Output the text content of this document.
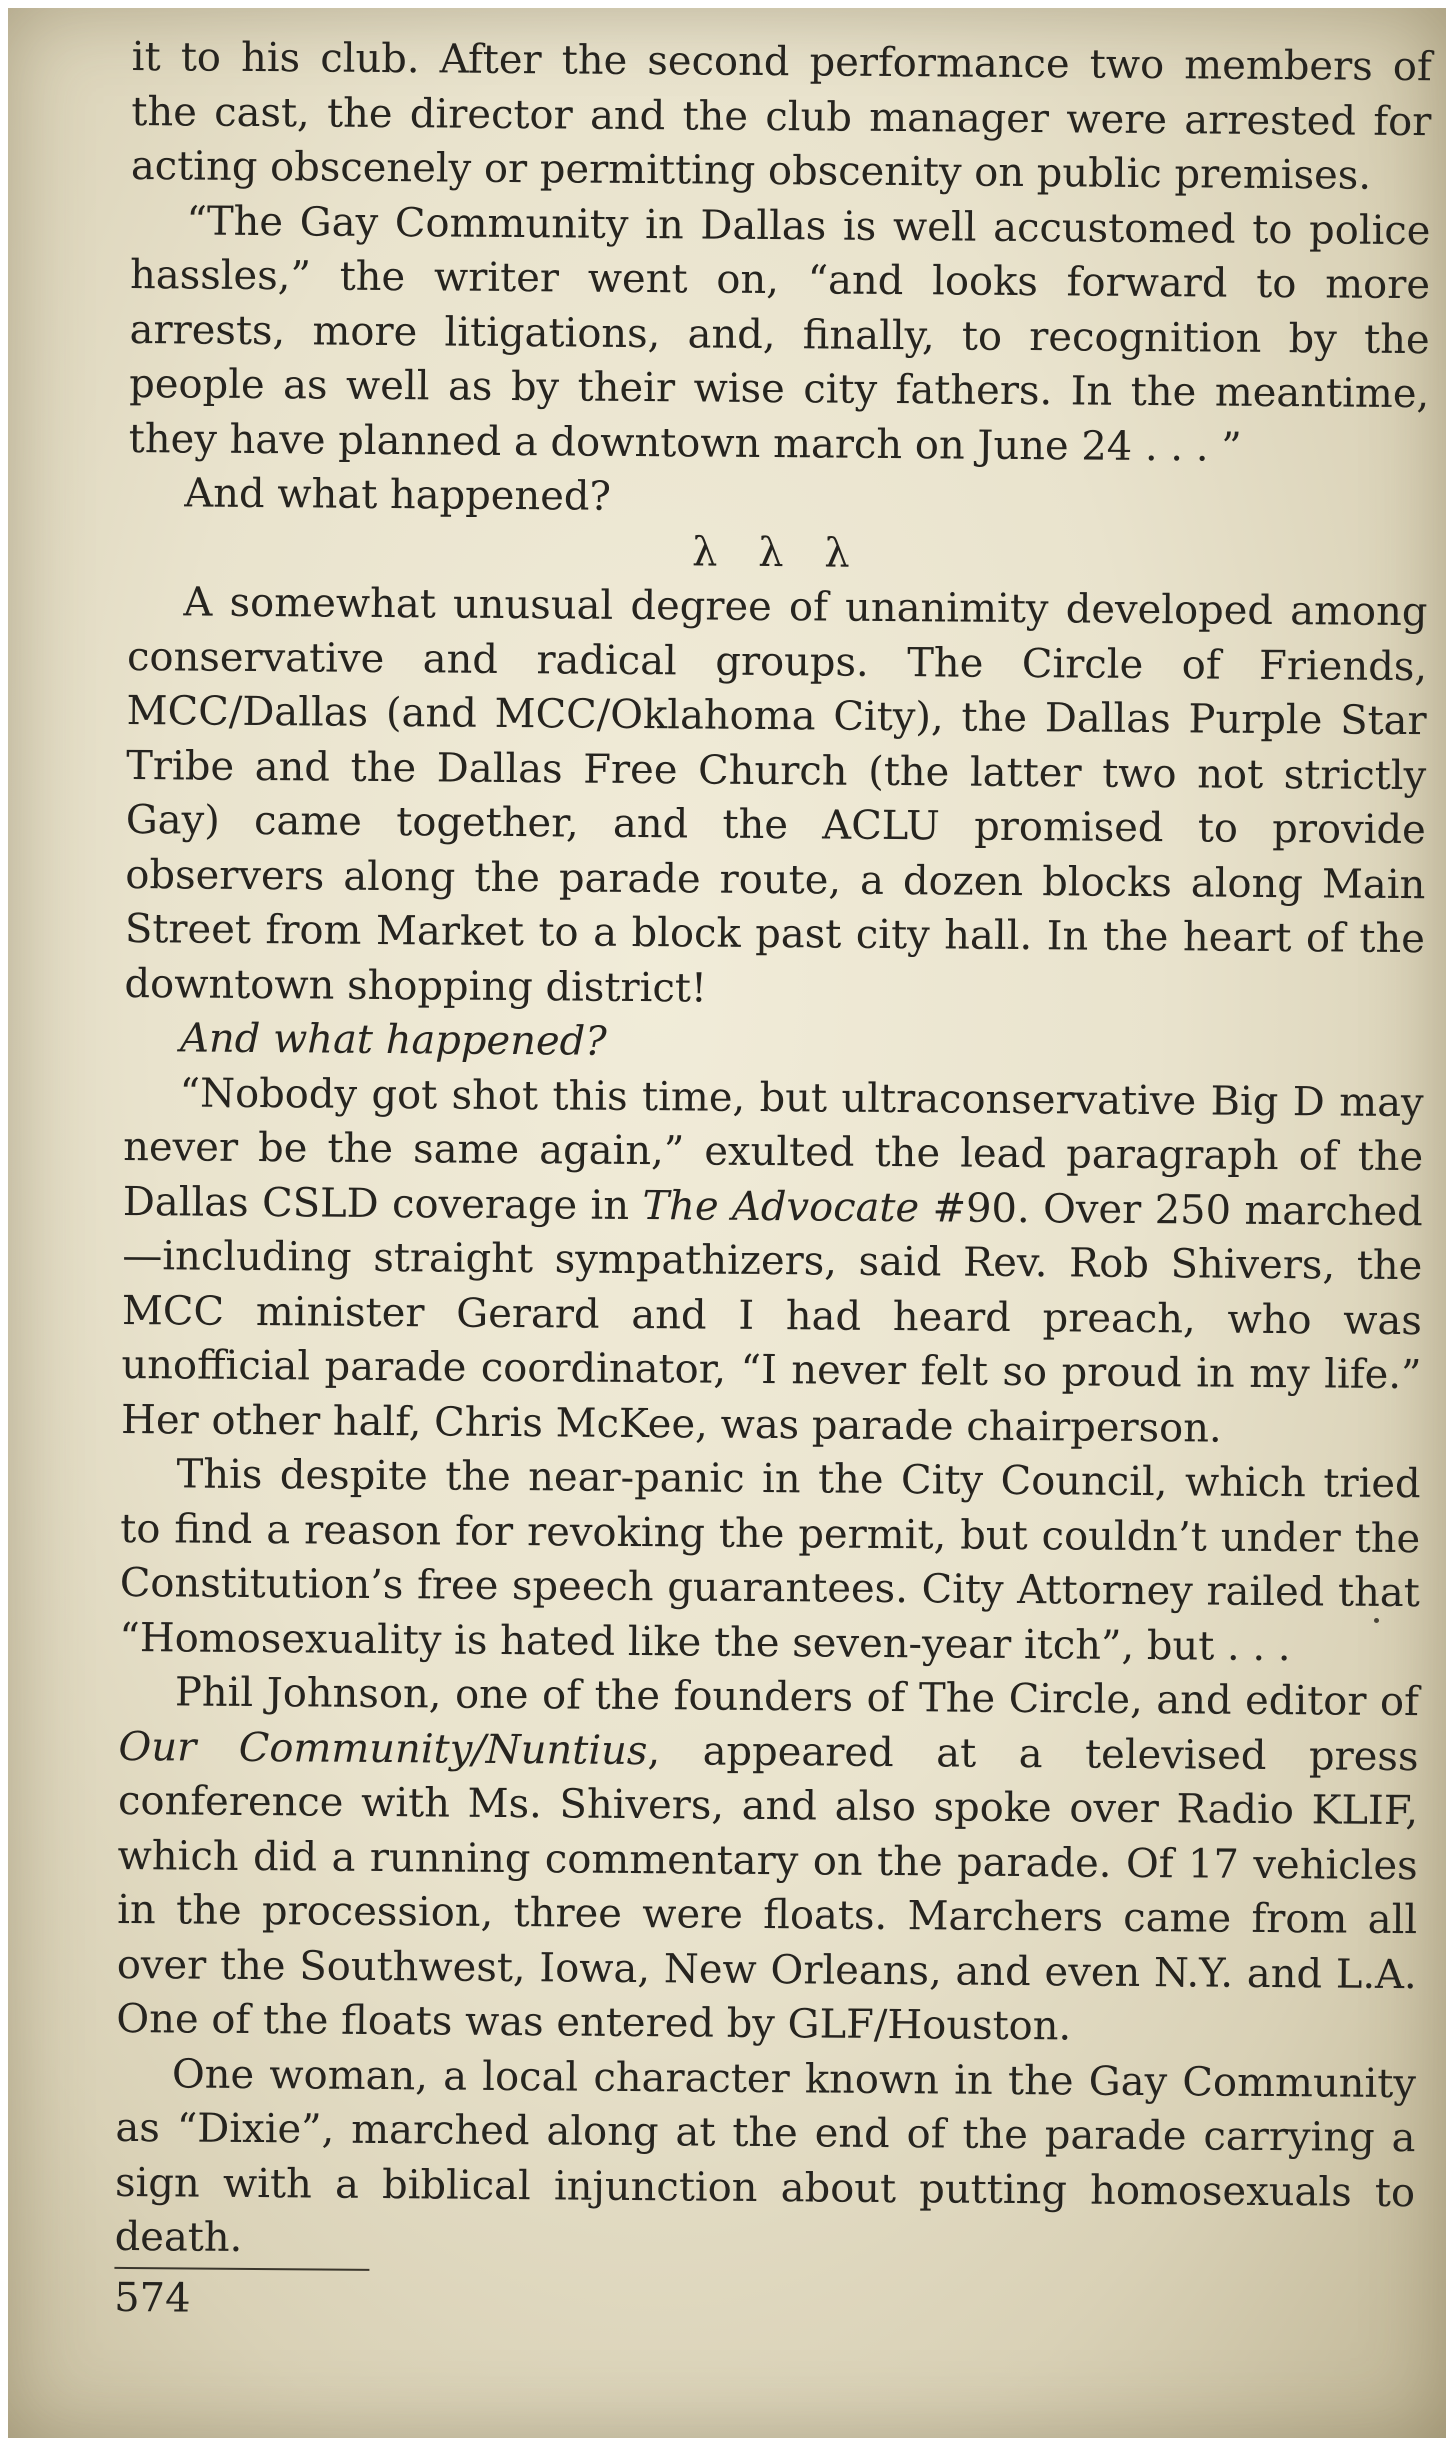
it to his club. After the second performance two members of the cast, the director and the club manager were arrested for acting obscenely or permitting obscenity on public premises.

“The Gay Community in Dallas is well accustomed to police hassles,” the writer went on, “and looks forward to more arrests, more litigations, and, finally, to recognition by the people as well as by their wise city fathers. In the meantime, they have planned a downtown march on June 24 . . . ”

And what happened?

λ λ λ

A somewhat unusual degree of unanimity developed among conservative and radical groups. The Circle of Friends, MCC/Dallas (and MCC/Oklahoma City), the Dallas Purple Star Tribe and the Dallas Free Church (the latter two not strictly Gay) came together, and the ACLU promised to provide observers along the parade route, a dozen blocks along Main Street from Market to a block past city hall. In the heart of the downtown shopping district!

And what happened?

“Nobody got shot this time, but ultraconservative Big D may never be the same again,” exulted the lead paragraph of the Dallas CSLD coverage in The Advocate #90. Over 250 marched—including straight sympathizers, said Rev. Rob Shivers, the MCC minister Gerard and I had heard preach, who was unofficial parade coordinator, “I never felt so proud in my life.” Her other half, Chris McKee, was parade chairperson.

This despite the near-panic in the City Council, which tried to find a reason for revoking the permit, but couldn’t under the Constitution’s free speech guarantees. City Attorney railed that “Homosexuality is hated like the seven-year itch”, but . . .

Phil Johnson, one of the founders of The Circle, and editor of Our Community/Nuntius, appeared at a televised press conference with Ms. Shivers, and also spoke over Radio KLIF, which did a running commentary on the parade. Of 17 vehicles in the procession, three were floats. Marchers came from all over the Southwest, Iowa, New Orleans, and even N.Y. and L.A. One of the floats was entered by GLF/Houston.

One woman, a local character known in the Gay Community as “Dixie”, marched along at the end of the parade carrying a sign with a biblical injunction about putting homosexuals to death.

574
